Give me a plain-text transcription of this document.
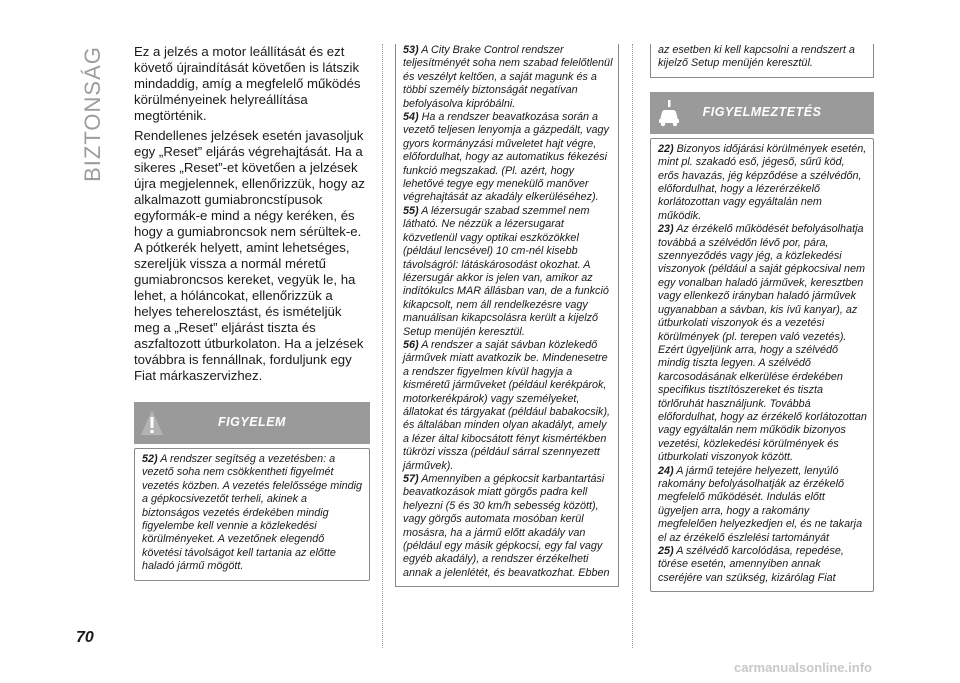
BIZTONSÁG Ez a jelzés a motor leállítását és ezt követő újraindítását követően is látszik mindaddig, amíg a megfelelő működés körülményeinek helyreállítása megtörténik.

Rendellenes jelzések esetén javasoljuk egy „Reset” eljárás végrehajtását. Ha a sikeres „Reset”-et követően a jelzések újra megjelennek, ellenőrizzük, hogy az alkalmazott gumiabroncstípusok egyformák-e mind a négy keréken, és hogy a gumiabroncsok nem sérültek-e. A pótkerék helyett, amint lehetséges, szereljük vissza a normál méretű gumiabroncsos kereket, vegyük le, ha lehet, a hóláncokat, ellenőrizzük a helyes teherelosztást, és ismételjük meg a „Reset” eljárást tiszta és aszfaltozott útburkolaton. Ha a jelzések továbbra is fennállnak, forduljunk egy Fiat márkaszervizhez.

FIGYELEM

52) A rendszer segítség a vezetésben: a vezető soha nem csökkentheti figyelmét vezetés közben. A vezetés felelőssége mindig a gépkocsivezetőt terheli, akinek a biztonságos vezetés érdekében mindig figyelembe kell vennie a közlekedési körülményeket. A vezetőnek elegendő követési távolságot kell tartania az előtte haladó jármű mögött.

53) A City Brake Control rendszer teljesítményét soha nem szabad felelőtlenül és veszélyt keltően, a saját magunk és a többi személy biztonságát negatívan befolyásolva kipróbálni.

54) Ha a rendszer beavatkozása során a vezető teljesen lenyomja a gázpedált, vagy gyors kormányzási műveletet hajt végre, előfordulhat, hogy az automatikus fékezési funkció megszakad. (Pl. azért, hogy lehetővé tegye egy menekülő manőver végrehajtását az akadály elkerüléséhez).

55) A lézersugár szabad szemmel nem látható. Ne nézzük a lézersugarat közvetlenül vagy optikai eszközökkel (például lencsével) 10 cm-nél kisebb távolságról: látáskárosodást okozhat. A lézersugár akkor is jelen van, amikor az indítókulcs MAR állásban van, de a funkció kikapcsolt, nem áll rendelkezésre vagy manuálisan kikapcsolásra került a kijelző Setup menüjén keresztül.

56) A rendszer a saját sávban közlekedő járművek miatt avatkozik be. Mindenesetre a rendszer figyelmen kívül hagyja a kisméretű járműveket (például kerékpárok, motorkerékpárok) vagy személyeket, állatokat és tárgyakat (például babakocsik), és általában minden olyan akadályt, amely a lézer által kibocsátott fényt kismértékben tükrözi vissza (például sárral szennyezett járművek).

57) Amennyiben a gépkocsit karbantartási beavatkozások miatt görgős padra kell helyezni (5 és 30 km/h sebesség között), vagy görgős automata mosóban kerül mosásra, ha a jármű előtt akadály van (például egy másik gépkocsi, egy fal vagy egyéb akadály), a rendszer érzékelheti annak a jelenlétét, és beavatkozhat. Ebben

az esetben ki kell kapcsolni a rendszert a kijelző Setup menüjén keresztül.

FIGYELMEZTETÉS

22) Bizonyos időjárási körülmények esetén, mint pl. szakadó eső, jégeső, sűrű köd, erős havazás, jég képződése a szélvédőn, előfordulhat, hogy a lézerérzékelő korlátozottan vagy egyáltalán nem működik.

23) Az érzékelő működését befolyásolhatja továbbá a szélvédőn lévő por, pára, szennyeződés vagy jég, a közlekedési viszonyok (például a saját gépkocsival nem egy vonalban haladó járművek, keresztben vagy ellenkező irányban haladó járművek ugyanabban a sávban, kis ívű kanyar), az útburkolati viszonyok és a vezetési körülmények (pl. terepen való vezetés). Ezért ügyeljünk arra, hogy a szélvédő mindig tiszta legyen. A szélvédő karcosodásának elkerülése érdekében specifikus tisztítószereket és tiszta törlőruhát használjunk. Továbbá előfordulhat, hogy az érzékelő korlátozottan vagy egyáltalán nem működik bizonyos vezetési, közlekedési körülmények és útburkolati viszonyok között.

24) A jármű tetejére helyezett, lenyúló rakomány befolyásolhatják az érzékelő megfelelő működését. Indulás előtt ügyeljen arra, hogy a rakomány megfelelően helyezkedjen el, és ne takarja el az érzékelő észlelési tartományát

25) A szélvédő karcolódása, repedése, törése esetén, amennyiben annak cseréjére van szükség, kizárólag Fiat

70
carmanualsonline.info
